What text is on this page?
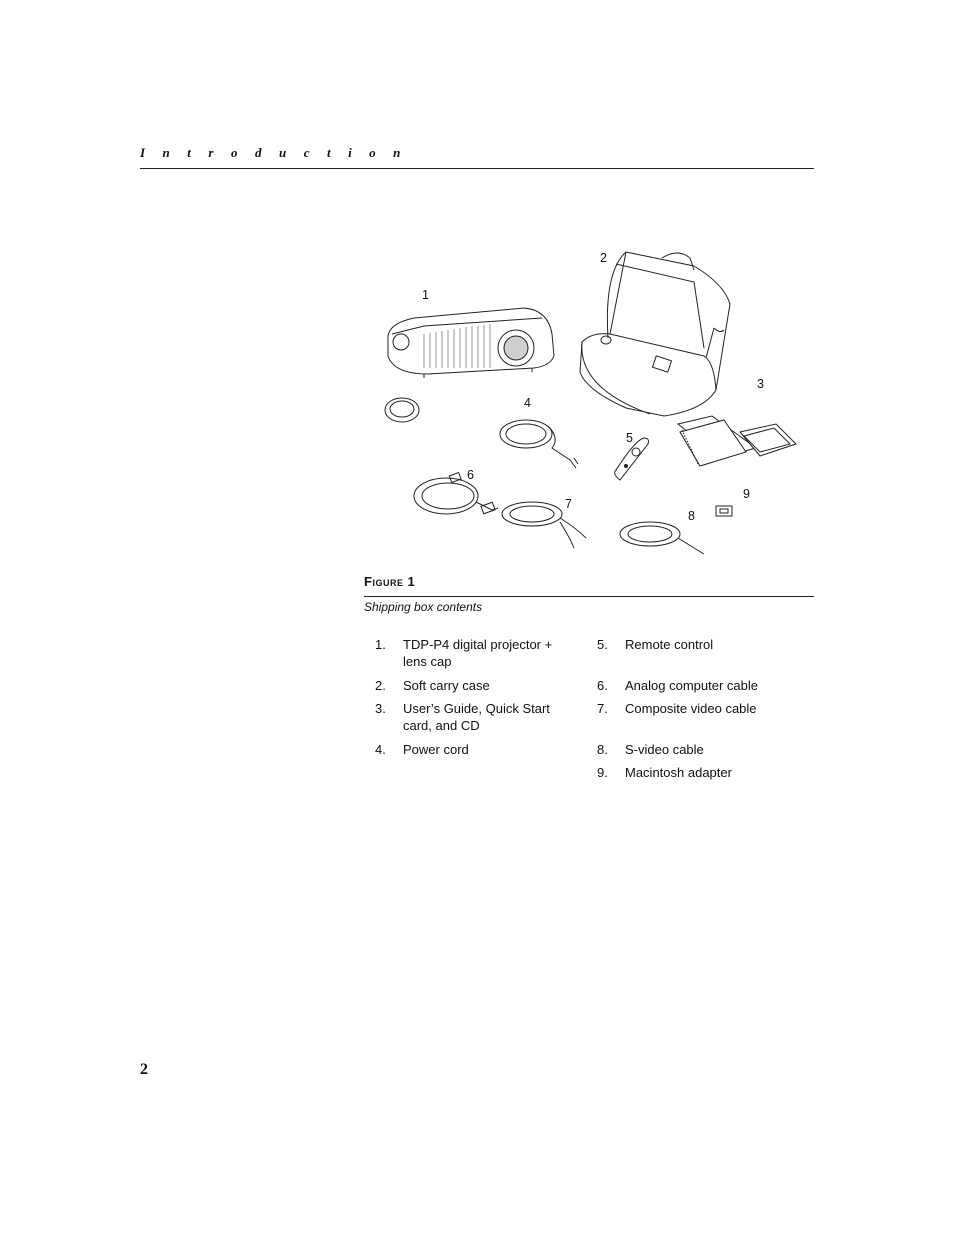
Introduction
1
2
3
4
5
6
7
8
9
Figure 1
Shipping box contents
1. TDP-P4 digital projector + lens cap
2. Soft carry case
3. User’s Guide, Quick Start card, and CD
4. Power cord
5. Remote control
6. Analog computer cable
7. Composite video cable
8. S-video cable
9. Macintosh adapter
2
